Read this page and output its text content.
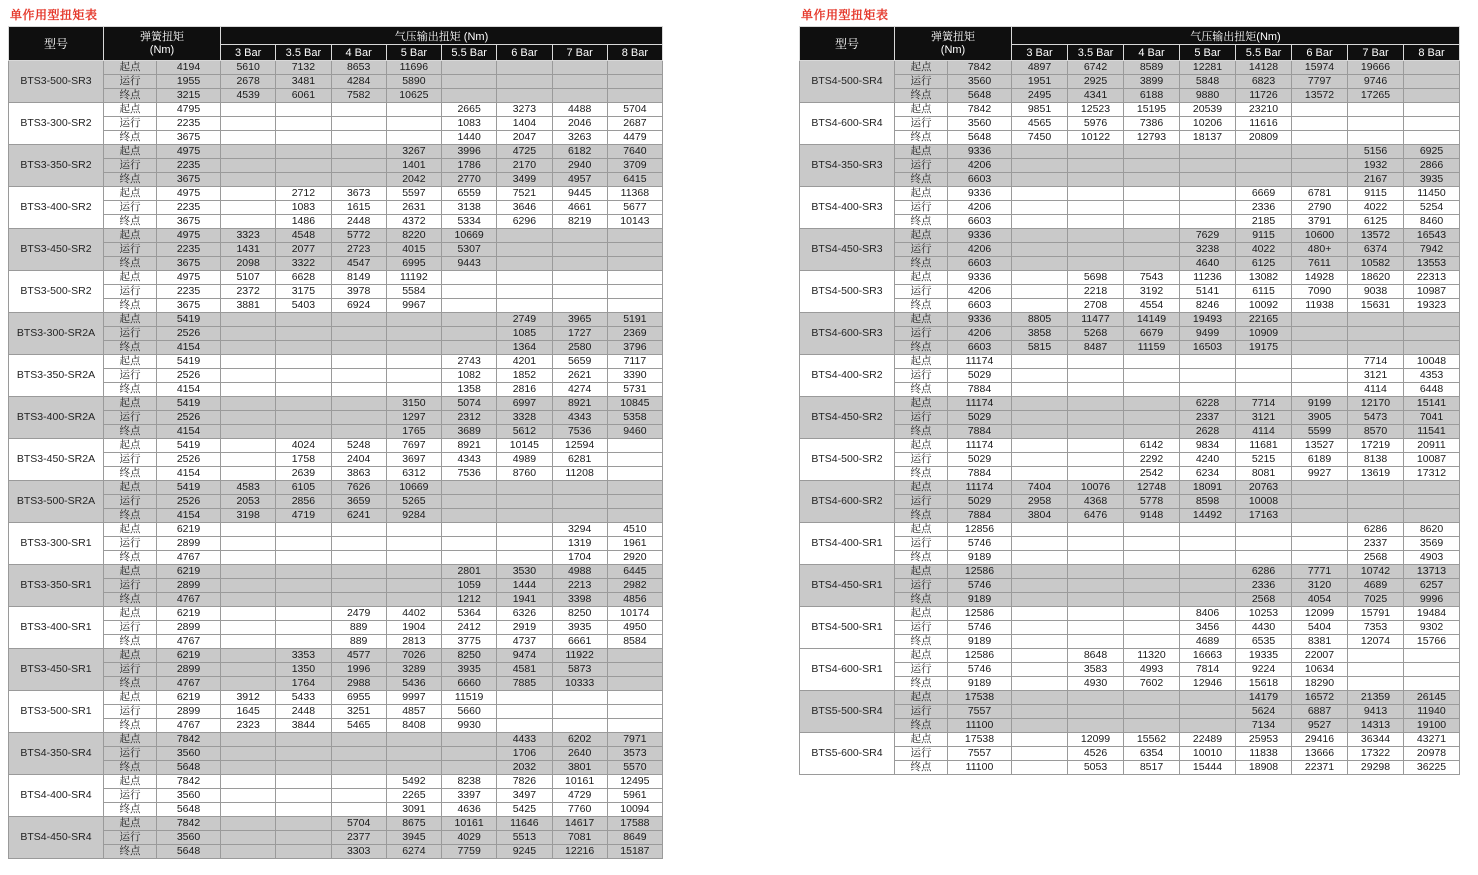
单作用型扭矩表
型号	弹簧扭矩
(Nm)		气压输出扭矩 (Nm)							
			3 Bar	3.5 Bar	4 Bar	5 Bar	5.5 Bar	6 Bar	7 Bar	8 Bar
BTS3-500-SR3	起点	4194	5610	7132	8653	11696				
	运行	1955	2678	3481	4284	5890				
	终点	3215	4539	6061	7582	10625				
BTS3-300-SR2	起点	4795					2665	3273	4488	5704
	运行	2235					1083	1404	2046	2687
	终点	3675					1440	2047	3263	4479
BTS3-350-SR2	起点	4975				3267	3996	4725	6182	7640
	运行	2235				1401	1786	2170	2940	3709
	终点	3675				2042	2770	3499	4957	6415
BTS3-400-SR2	起点	4975		2712	3673	5597	6559	7521	9445	11368
	运行	2235		1083	1615	2631	3138	3646	4661	5677
	终点	3675		1486	2448	4372	5334	6296	8219	10143
BTS3-450-SR2	起点	4975	3323	4548	5772	8220	10669			
	运行	2235	1431	2077	2723	4015	5307			
	终点	3675	2098	3322	4547	6995	9443			
BTS3-500-SR2	起点	4975	5107	6628	8149	11192				
	运行	2235	2372	3175	3978	5584				
	终点	3675	3881	5403	6924	9967				
BTS3-300-SR2A	起点	5419						2749	3965	5191
	运行	2526						1085	1727	2369
	终点	4154						1364	2580	3796
BTS3-350-SR2A	起点	5419					2743	4201	5659	7117
	运行	2526					1082	1852	2621	3390
	终点	4154					1358	2816	4274	5731
BTS3-400-SR2A	起点	5419				3150	5074	6997	8921	10845
	运行	2526				1297	2312	3328	4343	5358
	终点	4154				1765	3689	5612	7536	9460
BTS3-450-SR2A	起点	5419		4024	5248	7697	8921	10145	12594	
	运行	2526		1758	2404	3697	4343	4989	6281	
	终点	4154		2639	3863	6312	7536	8760	11208	
BTS3-500-SR2A	起点	5419	4583	6105	7626	10669				
	运行	2526	2053	2856	3659	5265				
	终点	4154	3198	4719	6241	9284				
BTS3-300-SR1	起点	6219							3294	4510
	运行	2899							1319	1961
	终点	4767							1704	2920
BTS3-350-SR1	起点	6219					2801	3530	4988	6445
	运行	2899					1059	1444	2213	2982
	终点	4767					1212	1941	3398	4856
BTS3-400-SR1	起点	6219			2479	4402	5364	6326	8250	10174
	运行	2899			889	1904	2412	2919	3935	4950
	终点	4767			889	2813	3775	4737	6661	8584
BTS3-450-SR1	起点	6219		3353	4577	7026	8250	9474	11922	
	运行	2899		1350	1996	3289	3935	4581	5873	
	终点	4767		1764	2988	5436	6660	7885	10333	
BTS3-500-SR1	起点	6219	3912	5433	6955	9997	11519			
	运行	2899	1645	2448	3251	4857	5660			
	终点	4767	2323	3844	5465	8408	9930			
BTS4-350-SR4	起点	7842						4433	6202	7971
	运行	3560						1706	2640	3573
	终点	5648						2032	3801	5570
BTS4-400-SR4	起点	7842				5492	8238	7826	10161	12495
	运行	3560				2265	3397	3497	4729	5961
	终点	5648				3091	4636	5425	7760	10094
BTS4-450-SR4	起点	7842			5704	8675	10161	11646	14617	17588
	运行	3560			2377	3945	4029	5513	7081	8649
	终点	5648			3303	6274	7759	9245	12216	15187
单作用型扭矩表
型号	弹簧扭矩
(Nm)		气压输出扭矩(Nm)							
			3 Bar	3.5 Bar	4 Bar	5 Bar	5.5 Bar	6 Bar	7 Bar	8 Bar
BTS4-500-SR4	起点	7842	4897	6742	8589	12281	14128	15974	19666	
	运行	3560	1951	2925	3899	5848	6823	7797	9746	
	终点	5648	2495	4341	6188	9880	11726	13572	17265	
BTS4-600-SR4	起点	7842	9851	12523	15195	20539	23210			
	运行	3560	4565	5976	7386	10206	11616			
	终点	5648	7450	10122	12793	18137	20809			
BTS4-350-SR3	起点	9336							5156	6925
	运行	4206							1932	2866
	终点	6603							2167	3935
BTS4-400-SR3	起点	9336					6669	6781	9115	11450
	运行	4206					2336	2790	4022	5254
	终点	6603					2185	3791	6125	8460
BTS4-450-SR3	起点	9336				7629	9115	10600	13572	16543
	运行	4206				3238	4022	480+	6374	7942
	终点	6603				4640	6125	7611	10582	13553
BTS4-500-SR3	起点	9336		5698	7543	11236	13082	14928	18620	22313
	运行	4206		2218	3192	5141	6115	7090	9038	10987
	终点	6603		2708	4554	8246	10092	11938	15631	19323
BTS4-600-SR3	起点	9336	8805	11477	14149	19493	22165			
	运行	4206	3858	5268	6679	9499	10909			
	终点	6603	5815	8487	11159	16503	19175			
BTS4-400-SR2	起点	11174							7714	10048
	运行	5029							3121	4353
	终点	7884							4114	6448
BTS4-450-SR2	起点	11174				6228	7714	9199	12170	15141
	运行	5029				2337	3121	3905	5473	7041
	终点	7884				2628	4114	5599	8570	11541
BTS4-500-SR2	起点	11174			6142	9834	11681	13527	17219	20911
	运行	5029			2292	4240	5215	6189	8138	10087
	终点	7884			2542	6234	8081	9927	13619	17312
BTS4-600-SR2	起点	11174	7404	10076	12748	18091	20763			
	运行	5029	2958	4368	5778	8598	10008			
	终点	7884	3804	6476	9148	14492	17163			
BTS4-400-SR1	起点	12856							6286	8620
	运行	5746							2337	3569
	终点	9189							2568	4903
BTS4-450-SR1	起点	12586					6286	7771	10742	13713
	运行	5746					2336	3120	4689	6257
	终点	9189					2568	4054	7025	9996
BTS4-500-SR1	起点	12586				8406	10253	12099	15791	19484
	运行	5746				3456	4430	5404	7353	9302
	终点	9189				4689	6535	8381	12074	15766
BTS4-600-SR1	起点	12586		8648	11320	16663	19335	22007		
	运行	5746		3583	4993	7814	9224	10634		
	终点	9189		4930	7602	12946	15618	18290		
BTS5-500-SR4	起点	17538					14179	16572	21359	26145
	运行	7557					5624	6887	9413	11940
	终点	11100					7134	9527	14313	19100
BTS5-600-SR4	起点	17538		12099	15562	22489	25953	29416	36344	43271
	运行	7557		4526	6354	10010	11838	13666	17322	20978
	终点	11100		5053	8517	15444	18908	22371	29298	36225
